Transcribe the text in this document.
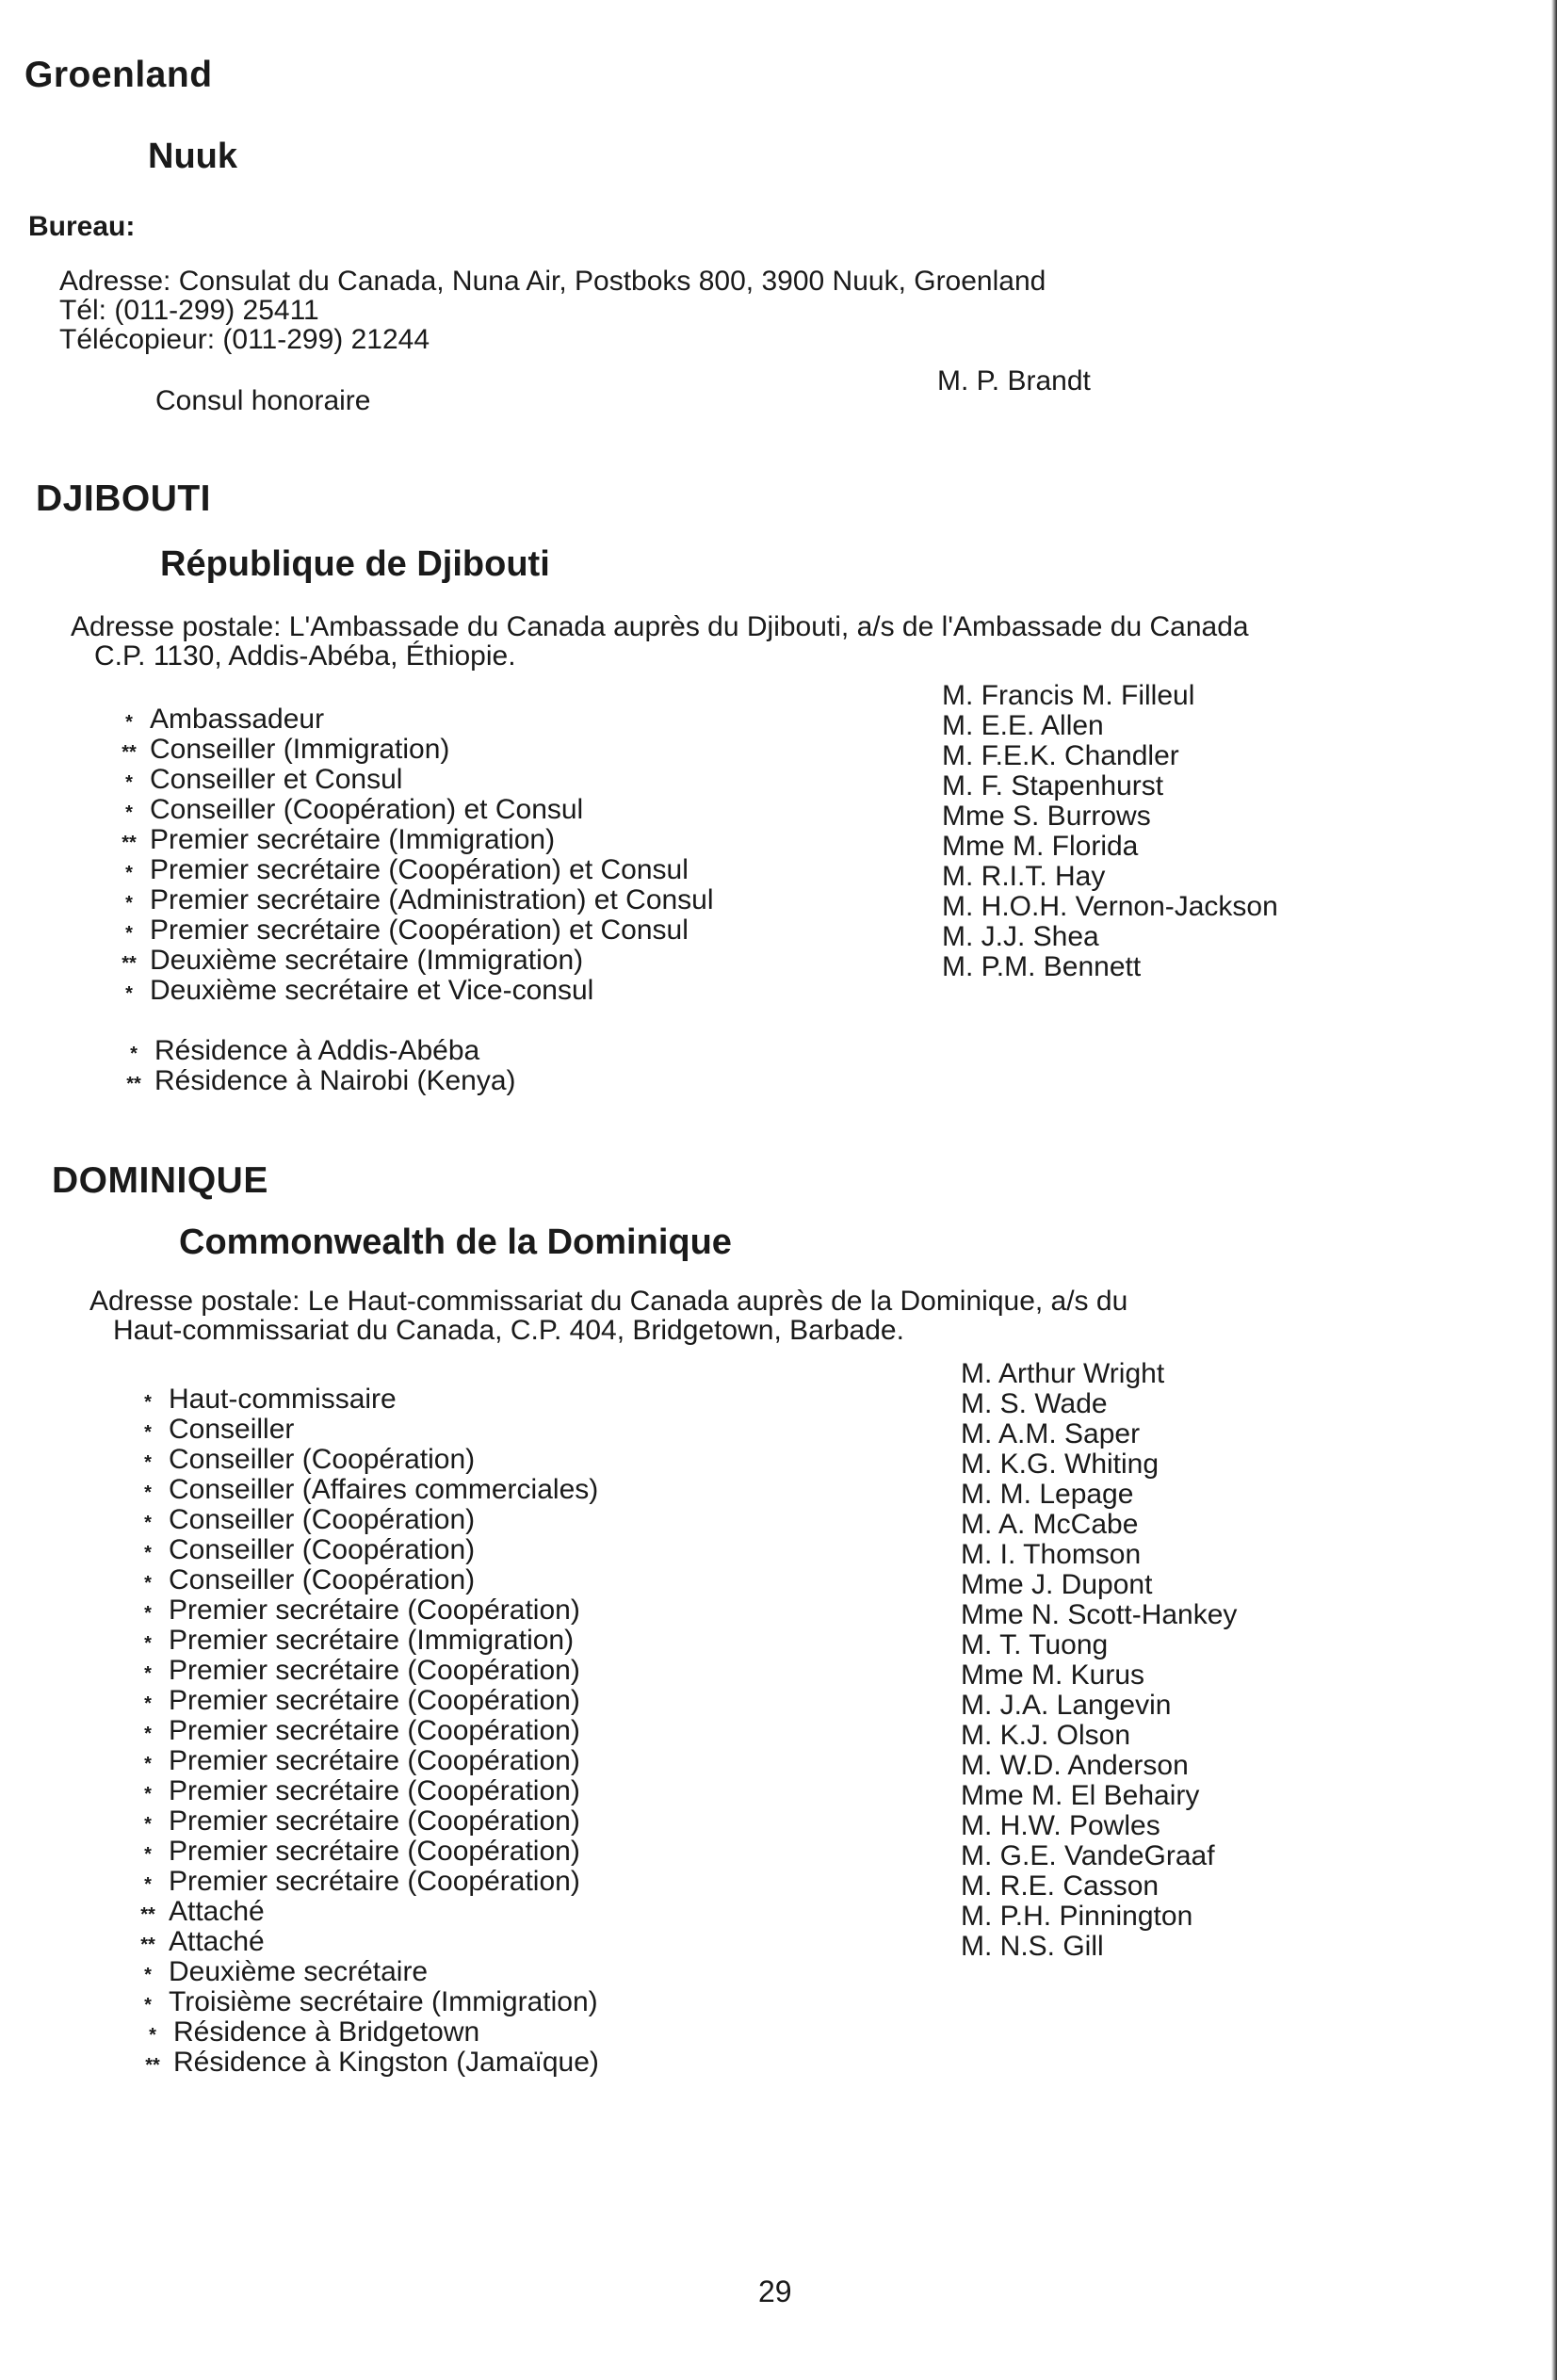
Groenland
Nuuk
Bureau:
Adresse: Consulat du Canada, Nuna Air, Postboks 800, 3900 Nuuk, Groenland
Tél: (011-299) 25411
Télécopieur: (011-299) 21244
Consul honoraire
M. P. Brandt
DJIBOUTI
République de Djibouti
Adresse postale: L'Ambassade du Canada auprès du Djibouti, a/s de l'Ambassade du Canada
C.P. 1130, Addis-Abéba, Éthiopie.
* Ambassadeur
** Conseiller (Immigration)
* Conseiller et Consul
* Conseiller (Coopération) et Consul
** Premier secrétaire (Immigration)
* Premier secrétaire (Coopération) et Consul
* Premier secrétaire (Administration) et Consul
* Premier secrétaire (Coopération) et Consul
** Deuxième secrétaire (Immigration)
* Deuxième secrétaire et Vice-consul
M. Francis M. Filleul
M. E.E. Allen
M. F.E.K. Chandler
M. F. Stapenhurst
Mme S. Burrows
Mme M. Florida
M. R.I.T. Hay
M. H.O.H. Vernon-Jackson
M. J.J. Shea
M. P.M. Bennett
* Résidence à Addis-Abéba
** Résidence à Nairobi (Kenya)
DOMINIQUE
Commonwealth de la Dominique
Adresse postale: Le Haut-commissariat du Canada auprès de la Dominique, a/s du
Haut-commissariat du Canada, C.P. 404, Bridgetown, Barbade.
* Haut-commissaire
* Conseiller
* Conseiller (Coopération)
* Conseiller (Affaires commerciales)
* Conseiller (Coopération)
* Conseiller (Coopération)
* Conseiller (Coopération)
* Premier secrétaire (Coopération)
* Premier secrétaire (Immigration)
* Premier secrétaire (Coopération)
* Premier secrétaire (Coopération)
* Premier secrétaire (Coopération)
* Premier secrétaire (Coopération)
* Premier secrétaire (Coopération)
* Premier secrétaire (Coopération)
* Premier secrétaire (Coopération)
* Premier secrétaire (Coopération)
** Attaché
** Attaché
* Deuxième secrétaire
* Troisième secrétaire (Immigration)
M. Arthur Wright
M. S. Wade
M. A.M. Saper
M. K.G. Whiting
M. M. Lepage
M. A. McCabe
M. I. Thomson
Mme J. Dupont
Mme N. Scott-Hankey
M. T. Tuong
Mme M. Kurus
M. J.A. Langevin
M. K.J. Olson
M. W.D. Anderson
Mme M. El Behairy
M. H.W. Powles
M. G.E. VandeGraaf
M. R.E. Casson
M. P.H. Pinnington
M. N.S. Gill
* Résidence à Bridgetown
** Résidence à Kingston (Jamaïque)
29
